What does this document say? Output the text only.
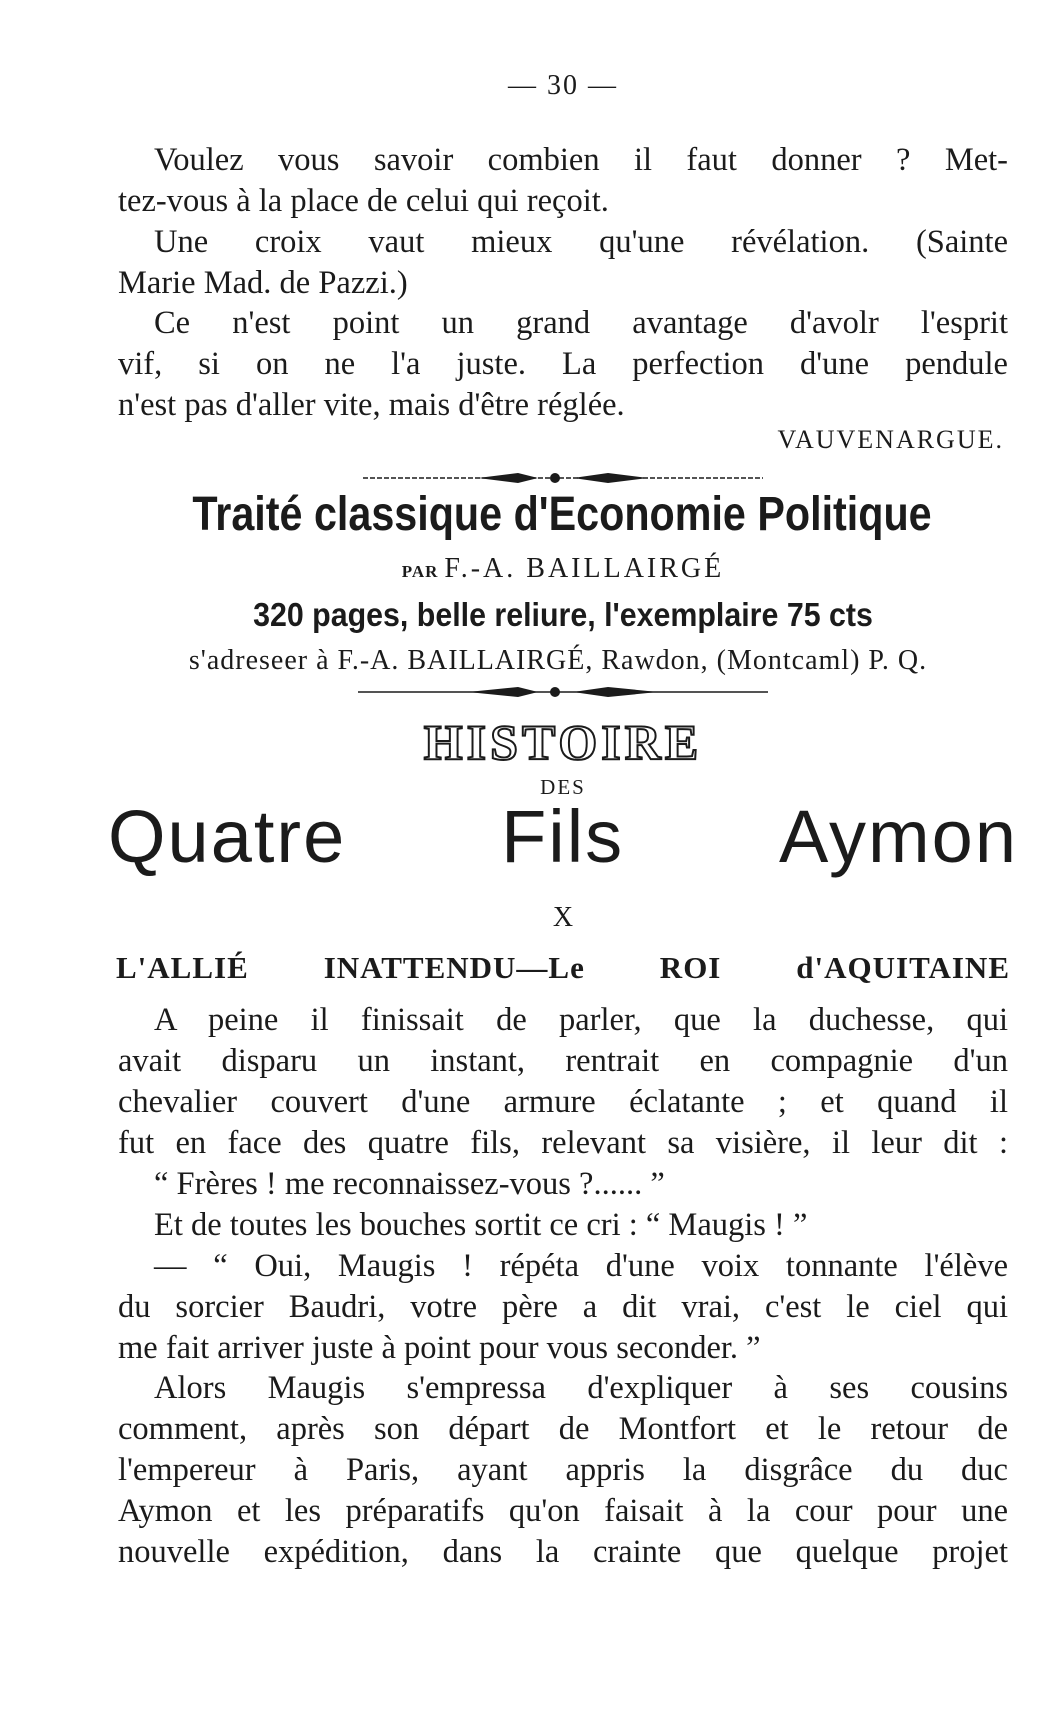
— 30 —
Voulez vous savoir combien il faut donner ? Met-
tez-vous à la place de celui qui reçoit.
Une croix vaut mieux qu'une révélation. (Sainte
Marie Mad. de Pazzi.)
Ce n'est point un grand avantage d'avolr l'esprit
vif, si on ne l'a juste. La perfection d'une pendule
n'est pas d'aller vite, mais d'être réglée.
VAUVENARGUE.
Traité classique d'Economie Politique
PAR F.-A. BAILLAIRGÉ
320 pages, belle reliure, l'exemplaire 75 cts
s'adreseer à F.-A. BAILLAIRGÉ, Rawdon, (Montcaml) P. Q.
HISTOIRE
DES
Quatre Fils Aymon
X
L'ALLIÉ INATTENDU—Le ROI d'AQUITAINE
A peine il finissait de parler, que la duchesse, qui
avait disparu un instant, rentrait en compagnie d'un
chevalier couvert d'une armure éclatante ; et quand il
fut en face des quatre fils, relevant sa visière, il leur dit :
“ Frères ! me reconnaissez-vous ?...... ”
Et de toutes les bouches sortit ce cri : “ Maugis ! ”
— “ Oui, Maugis ! répéta d'une voix tonnante l'élève
du sorcier Baudri, votre père a dit vrai, c'est le ciel qui
me fait arriver juste à point pour vous seconder. ”
Alors Maugis s'empressa d'expliquer à ses cousins
comment, après son départ de Montfort et le retour de
l'empereur à Paris, ayant appris la disgrâce du duc
Aymon et les préparatifs qu'on faisait à la cour pour une
nouvelle expédition, dans la crainte que quelque projet
